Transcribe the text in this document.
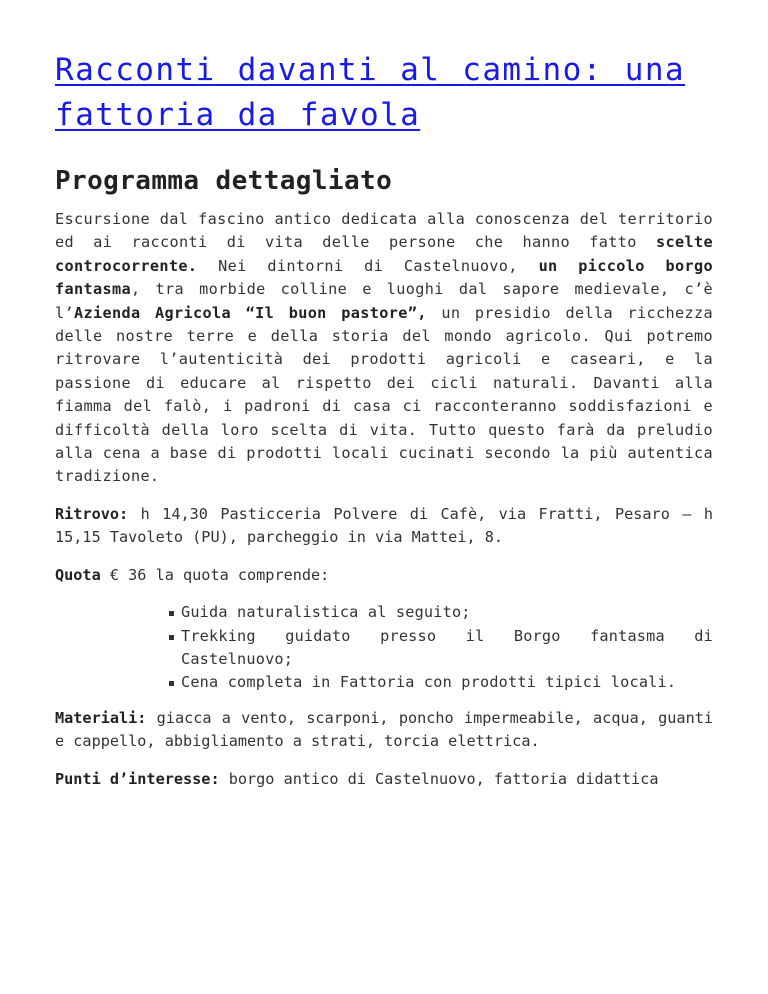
Racconti davanti al camino: una fattoria da favola
Programma dettagliato

Escursione dal fascino antico dedicata alla conoscenza del territorio ed ai racconti di vita delle persone che hanno fatto scelte controcorrente. Nei dintorni di Castelnuovo, un piccolo borgo fantasma, tra morbide colline e luoghi dal sapore medievale, c’è l’Azienda Agricola “Il buon pastore”, un presidio della ricchezza delle nostre terre e della storia del mondo agricolo. Qui potremo ritrovare l’autenticità dei prodotti agricoli e caseari, e la passione di educare al rispetto dei cicli naturali. Davanti alla fiamma del falò, i padroni di casa ci racconteranno soddisfazioni e difficoltà della loro scelta di vita. Tutto questo farà da preludio alla cena a base di prodotti locali cucinati secondo la più autentica tradizione.

Ritrovo: h 14,30 Pasticceria Polvere di Cafè, via Fratti, Pesaro – h 15,15 Tavoleto (PU), parcheggio in via Mattei, 8.

Quota € 36 la quota comprende:

Guida naturalistica al seguito;
Trekking guidato presso il Borgo fantasma di Castelnuovo;
Cena completa in Fattoria con prodotti tipici locali.

Materiali: giacca a vento, scarponi, poncho impermeabile, acqua, guanti e cappello, abbigliamento a strati, torcia elettrica.

Punti d’interesse: borgo antico di Castelnuovo, fattoria didattica
